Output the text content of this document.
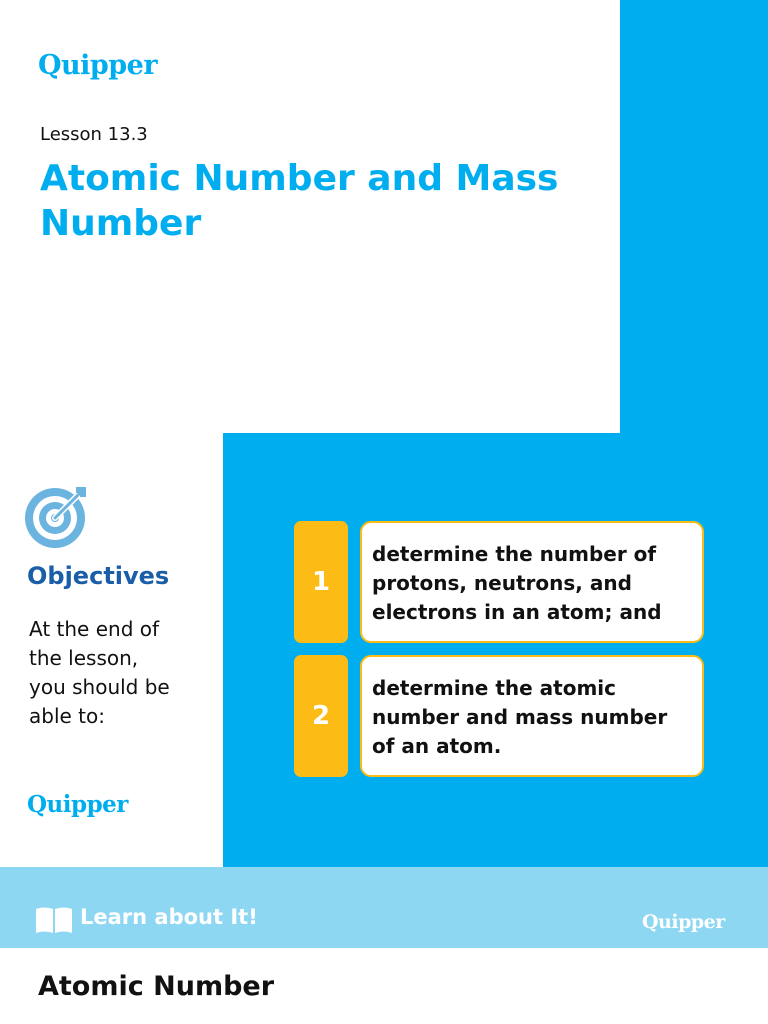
Quipper
Lesson 13.3
Atomic Number and Mass Number
Objectives
At the end of the lesson, you should be able to:
Quipper
1
determine the number of protons, neutrons, and electrons in an atom; and
2
determine the atomic number and mass number of an atom.
Learn about It!	Quipper
Atomic Number
